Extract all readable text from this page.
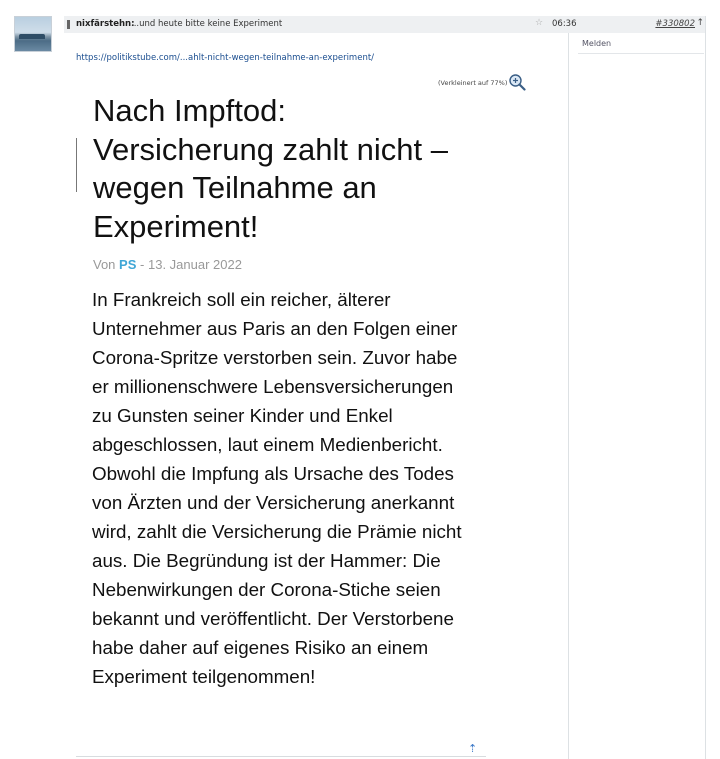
nixfärstehn:
...und heute bitte keine Experiment	☆ 06:36	#330802 ↑
Melden
https://politikstube.com/...ahlt-nicht-wegen-teilnahme-an-experiment/
(Verkleinert auf 77%)
Nach Impftod: Versicherung zahlt nicht – wegen Teilnahme an Experiment!
Von PS - 13. Januar 2022

In Frankreich soll ein reicher, älterer Unternehmer aus Paris an den Folgen einer Corona-Spritze verstorben sein. Zuvor habe er millionenschwere Lebensversicherungen zu Gunsten seiner Kinder und Enkel abgeschlossen, laut einem Medienbericht. Obwohl die Impfung als Ursache des Todes von Ärzten und der Versicherung anerkannt wird, zahlt die Versicherung die Prämie nicht aus. Die Begründung ist der Hammer: Die Nebenwirkungen der Corona-Stiche seien bekannt und veröffentlicht. Der Verstorbene habe daher auf eigenes Risiko an einem Experiment teilgenommen!

⇡
